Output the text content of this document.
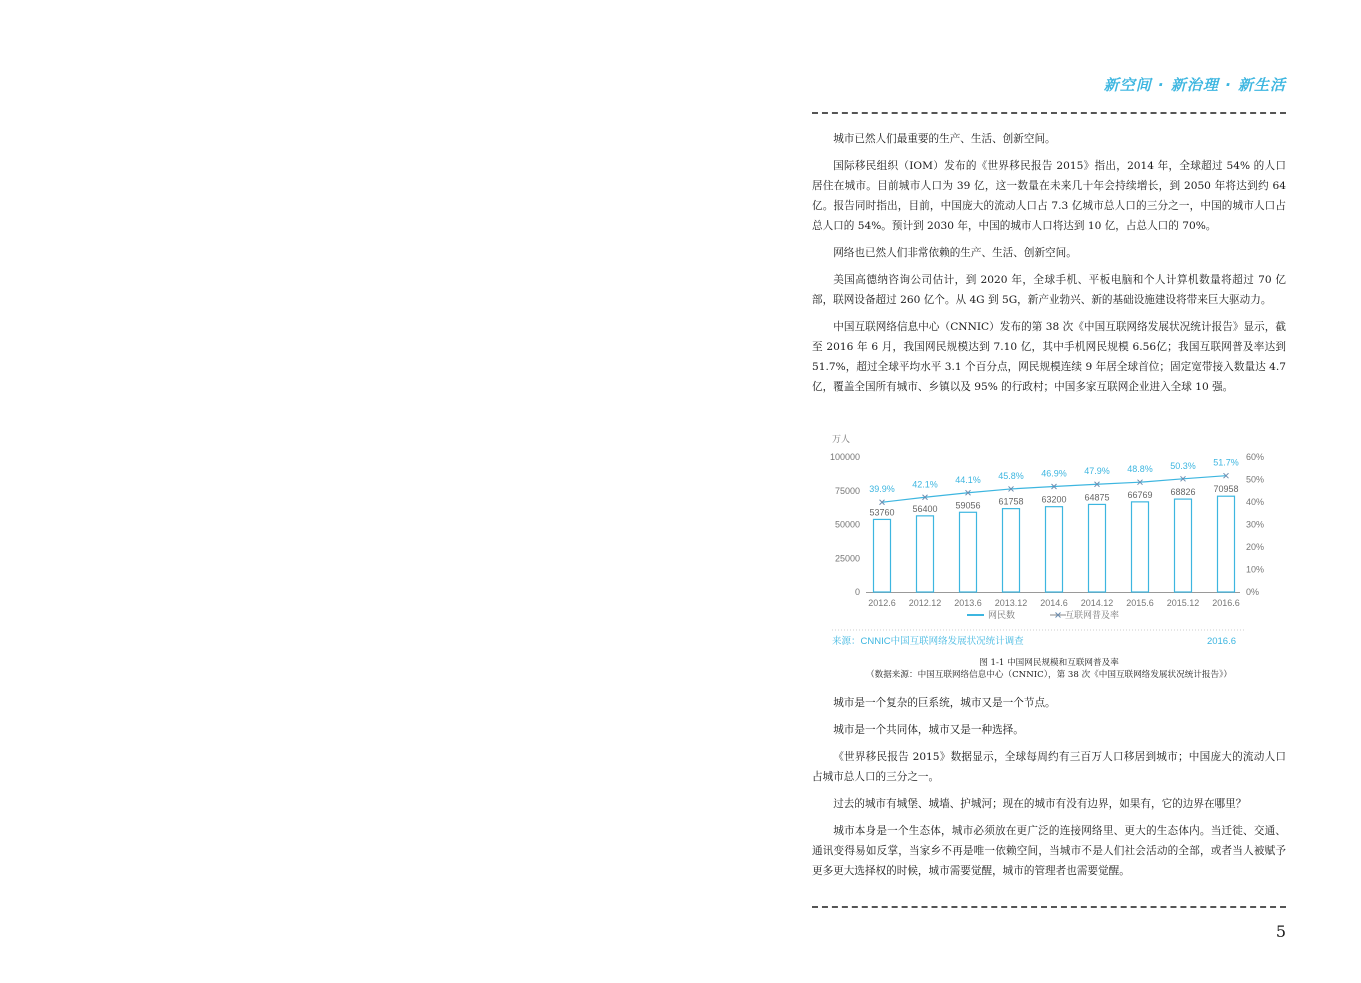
新空间 · 新治理 · 新生活

城市已然人们最重要的生产、生活、创新空间。

国际移民组织（IOM）发布的《世界移民报告 2015》指出，2014 年，全球超过 54% 的人口居住在城市。目前城市人口为 39 亿，这一数量在未来几十年会持续增长，到 2050 年将达到约 64 亿。报告同时指出，目前，中国庞大的流动人口占 7.3 亿城市总人口的三分之一，中国的城市人口占总人口的 54%。预计到 2030 年，中国的城市人口将达到 10 亿，占总人口的 70%。

网络也已然人们非常依赖的生产、生活、创新空间。

美国高德纳咨询公司估计，到 2020 年，全球手机、平板电脑和个人计算机数量将超过 70 亿部，联网设备超过 260 亿个。从 4G 到 5G，新产业勃兴、新的基础设施建设将带来巨大驱动力。

中国互联网络信息中心（CNNIC）发布的第 38 次《中国互联网络发展状况统计报告》显示，截至 2016 年 6 月，我国网民规模达到 7.10 亿，其中手机网民规模 6.56亿；我国互联网普及率达到 51.7%，超过全球平均水平 3.1 个百分点，网民规模连续 9 年居全球首位；固定宽带接入数量达 4.7亿，覆盖全国所有城市、乡镇以及 95% 的行政村；中国多家互联网企业进入全球 10 强。

万人
100000
75000
50000
25000
0
60%
50%
40%
30%
20%
10%
0%
53760 56400 59056 61758 63200 64875 66769 68826 70958
2012.6 2012.12 2013.6 2013.12 2014.6 2014.12 2015.6 2015.12 2016.6
39.9% 42.1% 44.1% 45.8% 46.9% 47.9% 48.8% 50.3% 51.7%
网民数	互联网普及率
来源：CNNIC中国互联网络发展状况统计调查	2016.6
图 1-1 中国网民规模和互联网普及率
（数据来源：中国互联网络信息中心（CNNIC），第 38 次《中国互联网络发展状况统计报告》）

城市是一个复杂的巨系统，城市又是一个节点。

城市是一个共同体，城市又是一种选择。

《世界移民报告 2015》数据显示，全球每周约有三百万人口移居到城市；中国庞大的流动人口占城市总人口的三分之一。

过去的城市有城堡、城墙、护城河；现在的城市有没有边界，如果有，它的边界在哪里？

城市本身是一个生态体，城市必须放在更广泛的连接网络里、更大的生态体内。当迁徙、交通、通讯变得易如反掌，当家乡不再是唯一依赖空间，当城市不是人们社会活动的全部，或者当人被赋予更多更大选择权的时候，城市需要觉醒，城市的管理者也需要觉醒。

5
